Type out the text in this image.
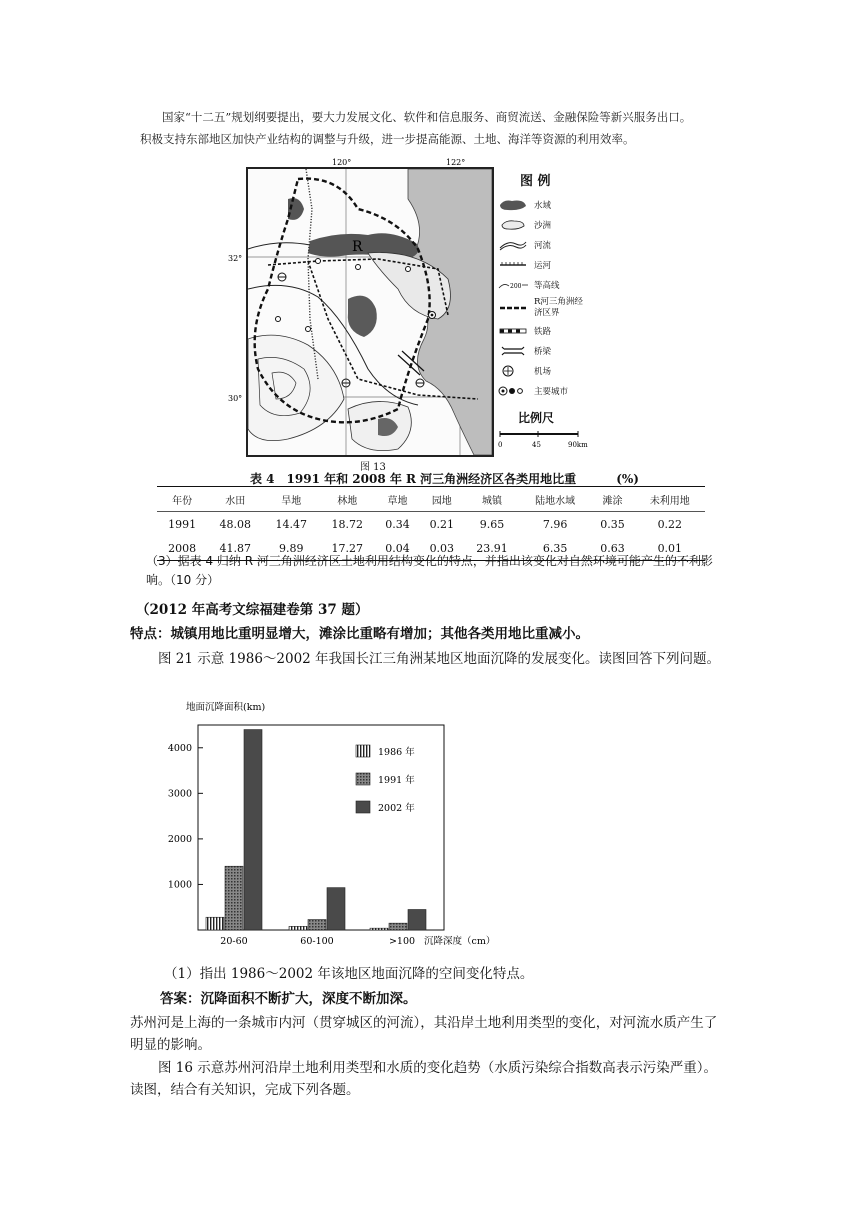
国家“十二五”规划纲要提出，要大力发展文化、软件和信息服务、商贸流送、金融保险等新兴服务出口。
积极支持东部地区加快产业结构的调整与升级，进一步提高能源、土地、海洋等资源的利用效率。
R
120°	122°
32°
30°
图 13
图 例
水域
沙洲
河流
运河
200 等高线
R河三角洲经济区界
铁路
桥梁
机场
主要城市
比例尺
0	45	90km
表 4　1991 年和 2008 年 R 河三角洲经济区各类用地比重	(%)
年份	水田	旱地	林地	草地	园地	城镇	陆地水域	滩涂	未利用地
1991	48.08	14.47	18.72	0.34	0.21	9.65	7.96	0.35	0.22
2008	41.87	9.89	17.27	0.04	0.03	23.91	6.35	0.63	0.01
（3）据表 4 归纳 R 河三角洲经济区土地利用结构变化的特点，并指出该变化对自然环境可能产生的不利影响。（10 分）
（2012 年高考文综福建卷第 37 题）
特点：城镇用地比重明显增大，滩涂比重略有增加；其他各类用地比重减小。
图 21 示意 1986～2002 年我国长江三角洲某地区地面沉降的发展变化。读图回答下列问题。
地面沉降面积(km)
1000
2000
3000
4000
20-60	60-100	>100
1986 年
1991 年
2002 年
沉降深度（cm）
（1）指出 1986～2002 年该地区地面沉降的空间变化特点。
答案：沉降面积不断扩大，深度不断加深。
苏州河是上海的一条城市内河（贯穿城区的河流），其沿岸土地利用类型的变化，对河流水质产生了明显的影响。
图 16 示意苏州河沿岸土地利用类型和水质的变化趋势（水质污染综合指数高表示污染严重）。读图，结合有关知识，完成下列各题。
